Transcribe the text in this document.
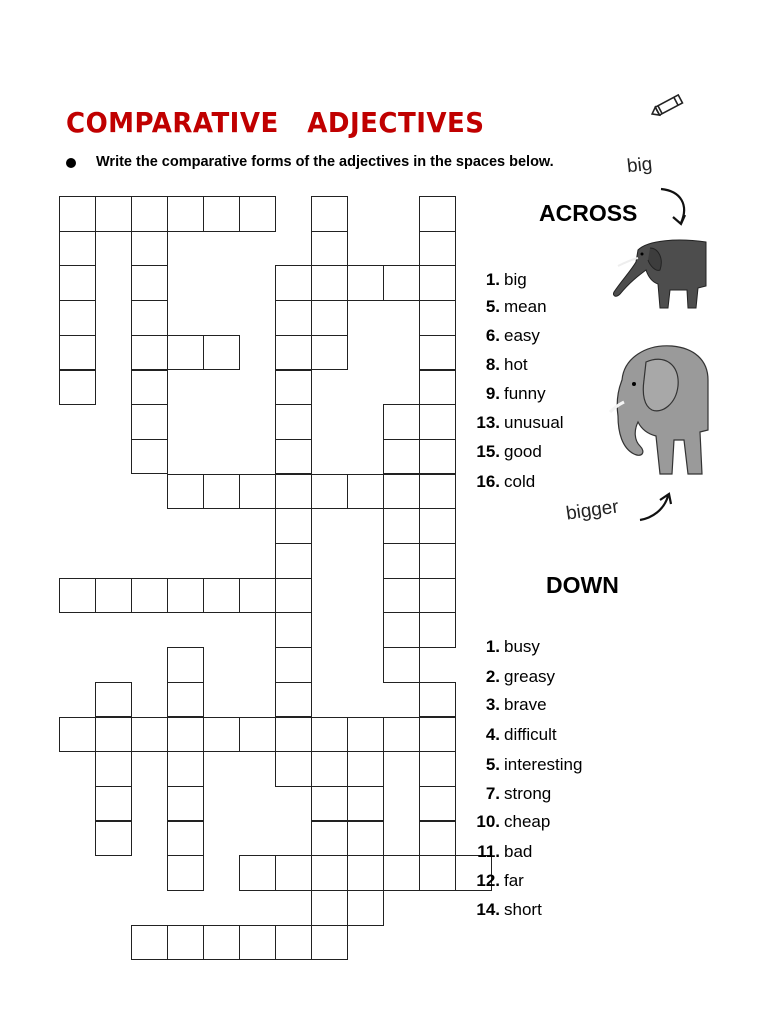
COMPARATIVE   ADJECTIVES
Write the comparative forms of the adjectives in the spaces below.
ACROSS
1. big
5. mean
6. easy
8. hot
9. funny
13. unusual
15. good
16. cold
DOWN
1. busy
2. greasy
3. brave
4. difficult
5. interesting
7. strong
10. cheap
11. bad
12. far
14. short
big
bigger
